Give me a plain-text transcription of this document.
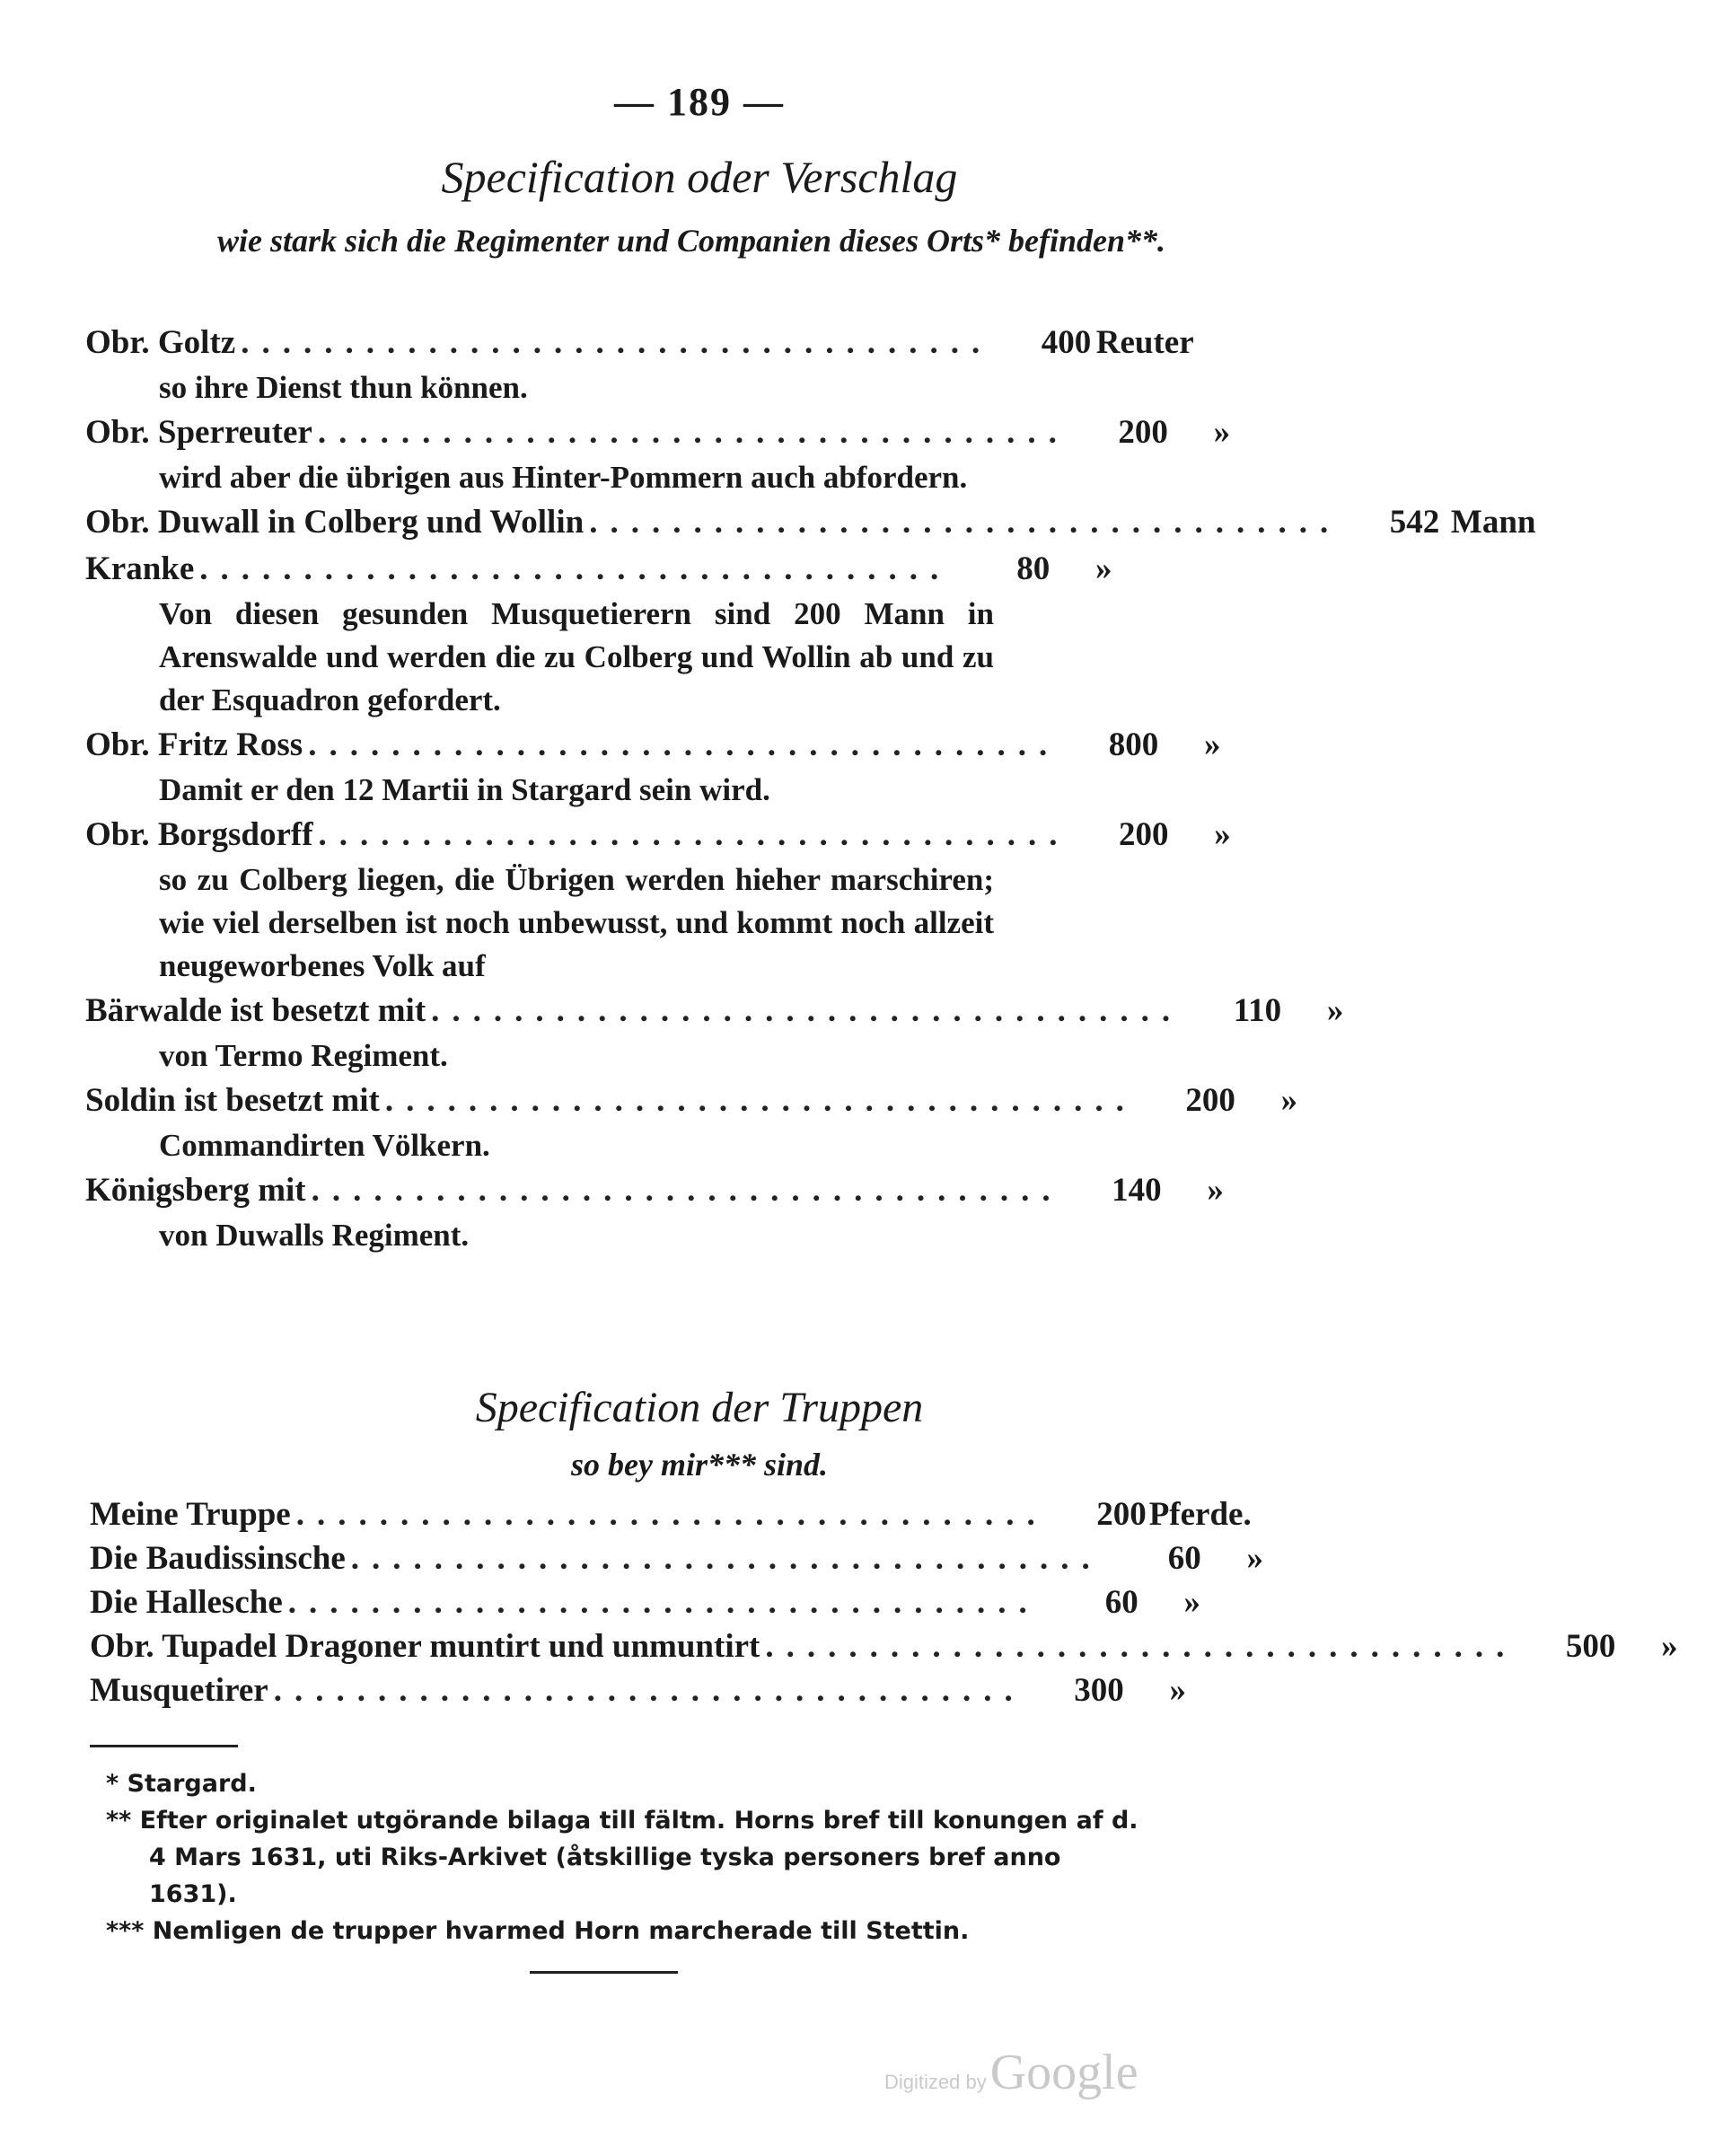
— 189 —
Specification oder Verschlag
wie stark sich die Regimenter und Companien dieses Orts* befinden**.
Obr. Goltz ....................................	400 Reuter
so ihre Dienst thun können.
Obr. Sperreuter ....................................	200	»
wird aber die übrigen aus Hinter-Pommern auch abfordern.
Obr. Duwall in Colberg und Wollin ....................................	542 Mann
Kranke ....................................	80	»
Von diesen gesunden Musquetierern sind 200 Mann in Arenswalde und werden die zu Colberg und Wollin ab und zu der Esquadron gefordert.
Obr. Fritz Ross ....................................	800	»
Damit er den 12 Martii in Stargard sein wird.
Obr. Borgsdorff ....................................	200	»
so zu Colberg liegen, die Übrigen werden hieher marschiren; wie viel derselben ist noch unbewusst, und kommt noch allzeit neugeworbenes Volk auf
Bärwalde ist besetzt mit ....................................	110	»
von Termo Regiment.
Soldin ist besetzt mit ....................................	200	»
Commandirten Völkern.
Königsberg mit ....................................	140	»
von Duwalls Regiment.
Specification der Truppen
so bey mir*** sind.
Meine Truppe ....................................	200 Pferde.
Die Baudissinsche ....................................	60	»
Die Hallesche ....................................	60	»
Obr. Tupadel Dragoner muntirt und unmuntirt ....................................	500	»
Musquetirer ....................................	300	»
* Stargard.
** Efter originalet utgörande bilaga till fältm. Horns bref till konungen af d.
4 Mars 1631, uti Riks-Arkivet (åtskillige tyska personers bref anno 1631).
*** Nemligen de trupper hvarmed Horn marcherade till Stettin.
Digitized by Google
